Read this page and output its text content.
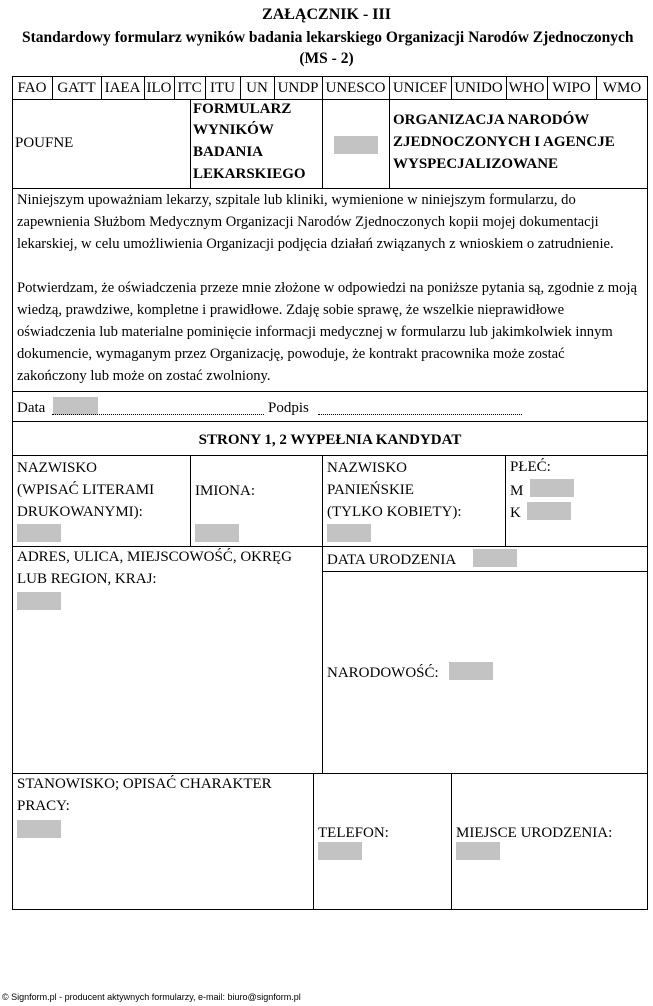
ZAŁĄCZNIK - III
Standardowy formularz wyników badania lekarskiego Organizacji Narodów Zjednoczonych
(MS - 2)
FAO GATT IAEA ILO ITC ITU UN UNDP UNESCO UNICEF UNIDO WHO WIPO WMO
POUFNE
FORMULARZ
WYNIKÓW
BADANIA
LEKARSKIEGO
ORGANIZACJA NARODÓW
ZJEDNOCZONYCH I AGENCJE
WYSPECJALIZOWANE
Niniejszym upoważniam lekarzy, szpitale lub kliniki, wymienione w niniejszym formularzu, do zapewnienia Służbom Medycznym Organizacji Narodów Zjednoczonych kopii mojej dokumentacji lekarskiej, w celu umożliwienia Organizacji podjęcia działań związanych z wnioskiem o zatrudnienie.
Potwierdzam, że oświadczenia przeze mnie złożone w odpowiedzi na poniższe pytania są, zgodnie z moją wiedzą, prawdziwe, kompletne i prawidłowe. Zdaję sobie sprawę, że wszelkie nieprawidłowe oświadczenia lub materialne pominięcie informacji medycznej w formularzu lub jakimkolwiek innym dokumencie, wymaganym przez Organizację, powoduje, że kontrakt pracownika może zostać zakończony lub może on zostać zwolniony.
Data	Podpis
STRONY 1, 2 WYPEŁNIA KANDYDAT
NAZWISKO
(WPISAĆ LITERAMI
DRUKOWANYMI):
IMIONA:
NAZWISKO
PANIEŃSKIE
(TYLKO KOBIETY):
PŁEĆ:
M
K
ADRES, ULICA, MIEJSCOWOŚĆ, OKRĘG
LUB REGION, KRAJ:
DATA URODZENIA
NARODOWOŚĆ:
STANOWISKO; OPISAĆ CHARAKTER
PRACY:
TELEFON:	MIEJSCE URODZENIA:
© Signform.pl - producent aktywnych formularzy, e-mail: biuro@signform.pl
